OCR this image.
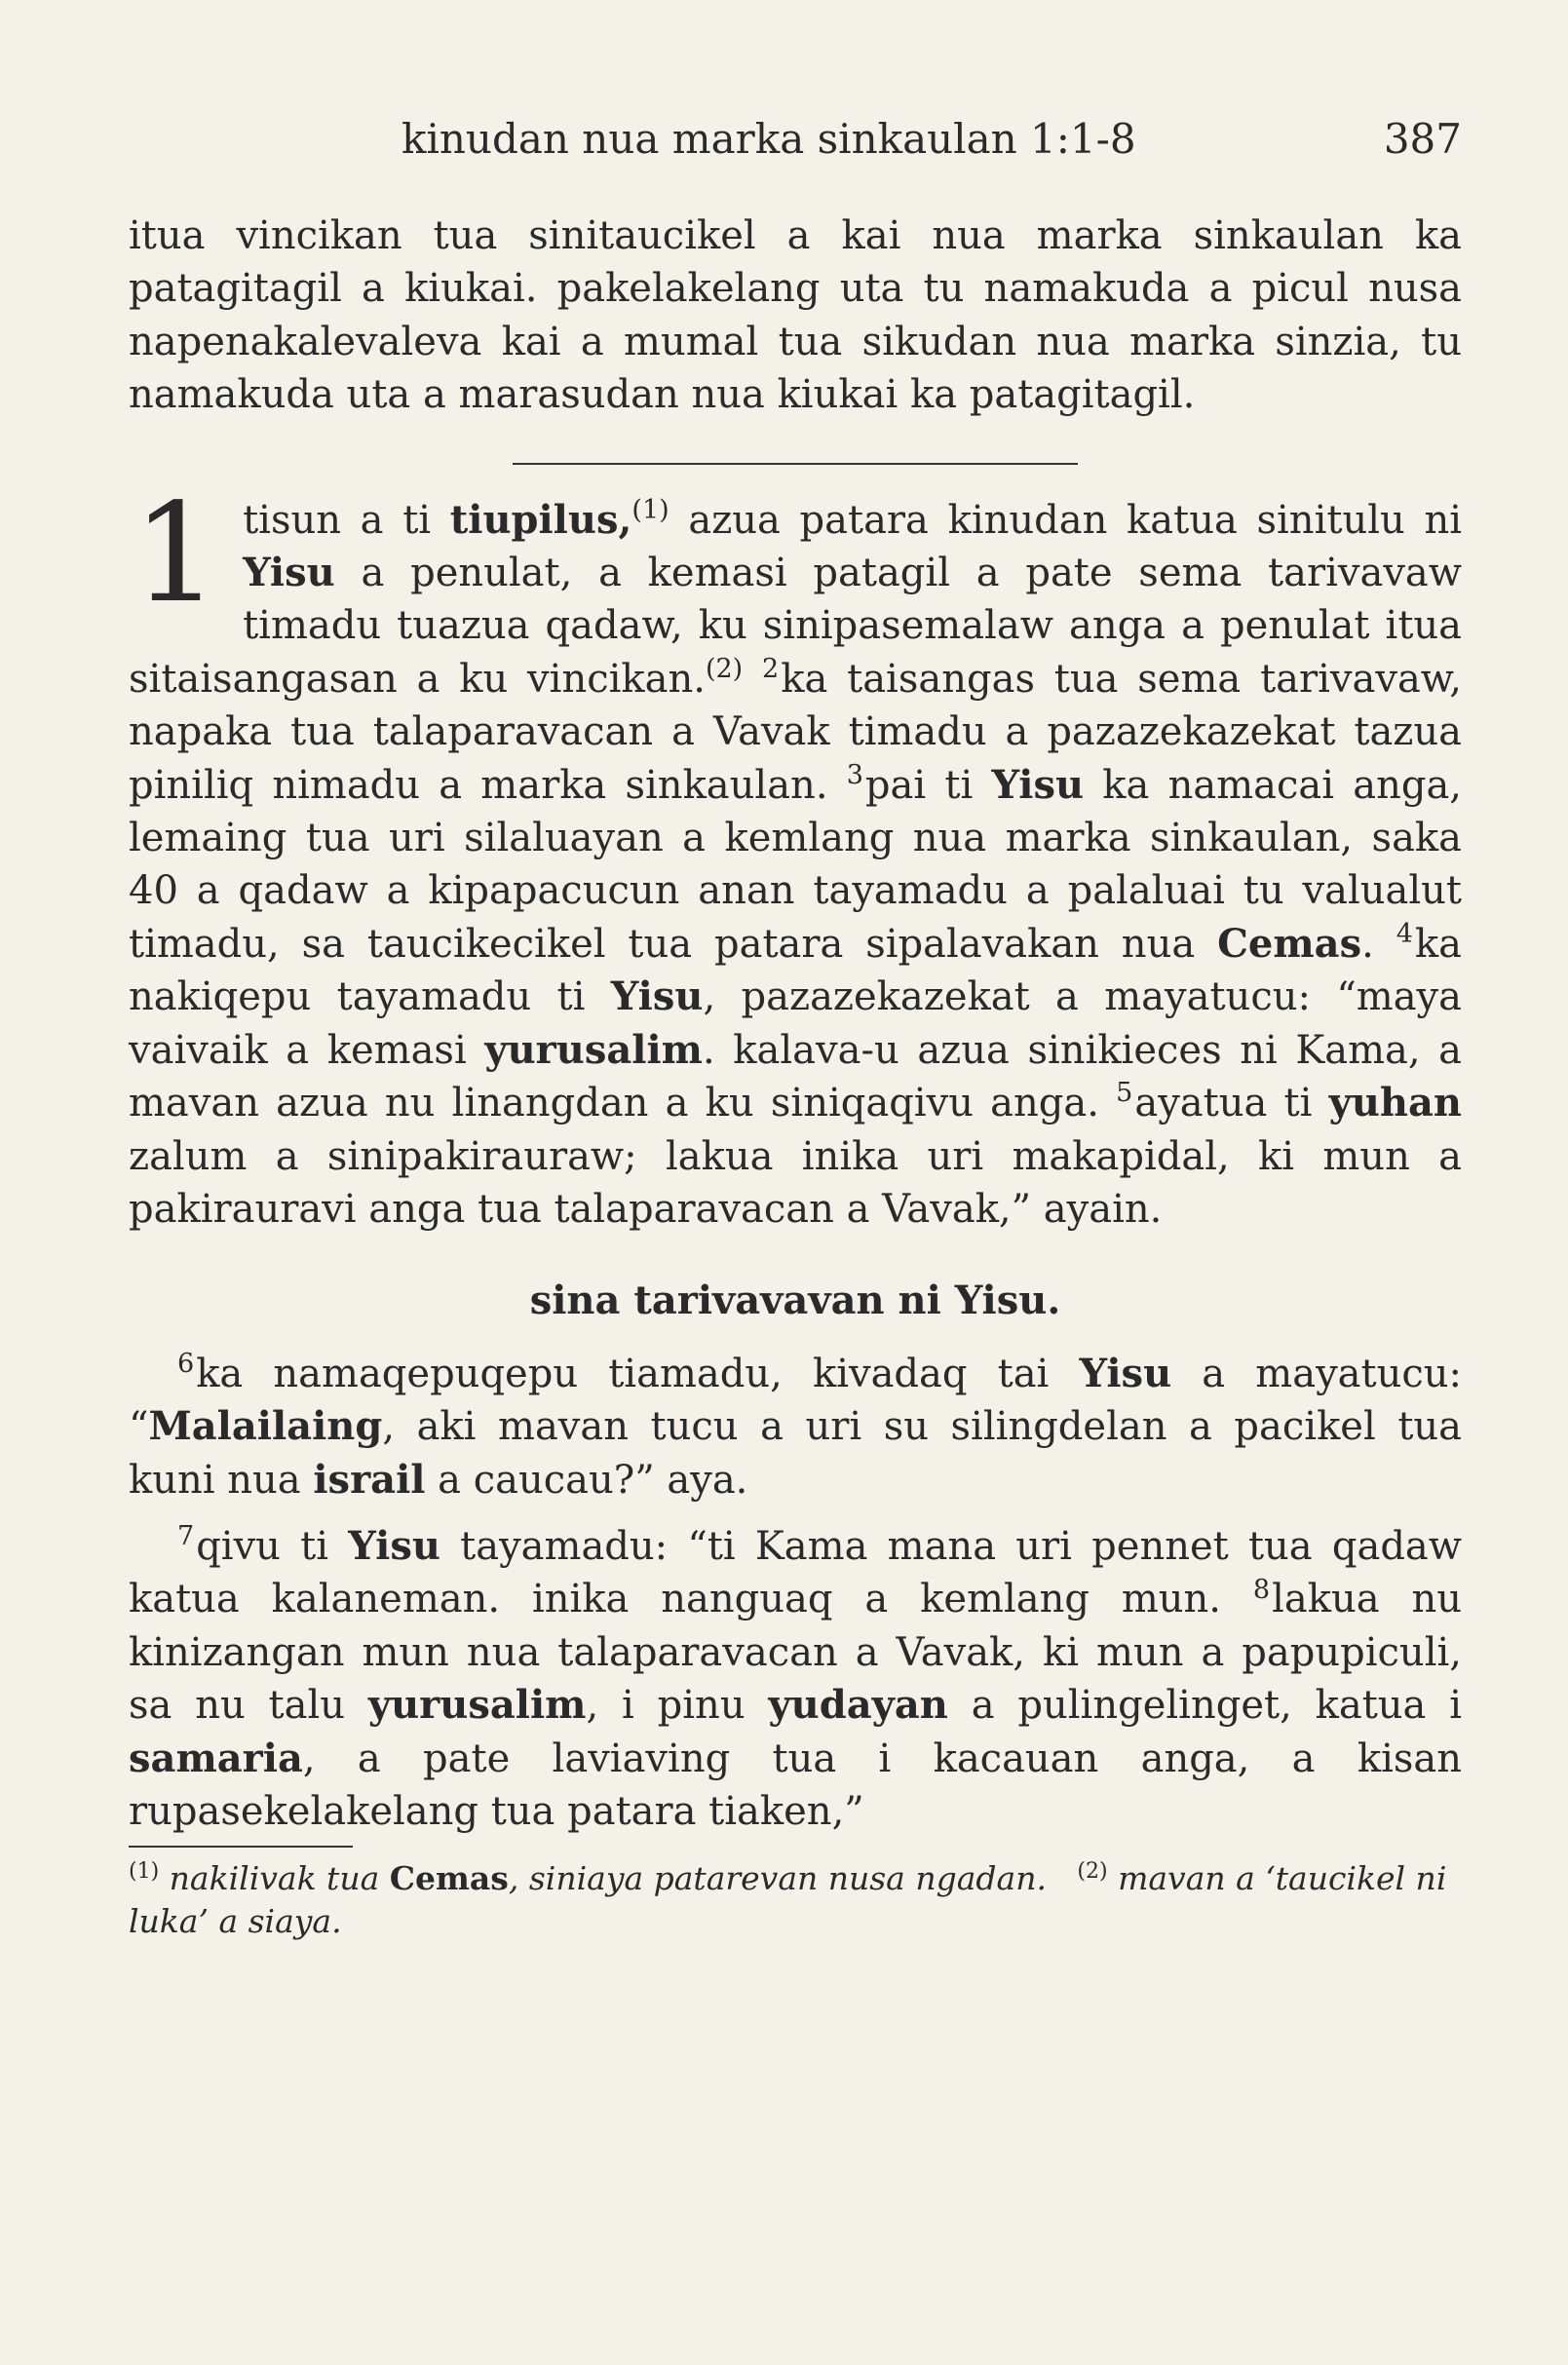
kinudan nua marka sinkaulan 1:1-8	387

itua vincikan tua sinitaucikel a kai nua marka sinkaulan ka patagitagil a kiukai. pakelakelang uta tu namakuda a picul nusa napenakalevaleva kai a mumal tua sikudan nua marka sinzia, tu namakuda uta a marasudan nua kiukai ka patagitagil.

1 tisun a ti tiupilus,$^{(1)}$ azua patara kinudan katua sinitulu ni Yisu a penulat, a kemasi patagil a pate sema tarivavaw timadu tuazua qadaw, ku sinipasemalaw anga a penulat itua sitaisangasan a ku vincikan.$^{(2)}$ $^2$ka taisangas tua sema tarivavaw, napaka tua talaparavacan a Vavak timadu a pazazekazekat tazua piniliq nimadu a marka sinkaulan. $^3$pai ti Yisu ka namacai anga, lemaing tua uri silaluayan a kemlang nua marka sinkaulan, saka 40 a qadaw a kipapacucun anan tayamadu a palaluai tu valualut timadu, sa taucikecikel tua patara sipalavakan nua Cemas. $^4$ka nakiqepu tayamadu ti Yisu, pazazekazekat a mayatucu: “maya vaivaik a kemasi yurusalim. kalava-u azua sinikieces ni Kama, a mavan azua nu linangdan a ku siniqaqivu anga. $^5$ayatua ti yuhan zalum a sinipakirauraw; lakua inika uri makapidal, ki mun a pakirauravi anga tua talaparavacan a Vavak,” ayain.

sina tarivavavan ni Yisu.

$^6$ka namaqepuqepu tiamadu, kivadaq tai Yisu a mayatucu: “Malailaing, aki mavan tucu a uri su silingdelan a pacikel tua kuni nua israil a caucau?” aya.

$^7$qivu ti Yisu tayamadu: “ti Kama mana uri pennet tua qadaw katua kalaneman. inika nanguaq a kemlang mun. $^8$lakua nu kinizangan mun nua talaparavacan a Vavak, ki mun a papupiculi, sa nu talu yurusalim, i pinu yudayan a pulingelinget, katua i samaria, a pate laviaving tua i kacauan anga, a kisan rupasekelakelang tua patara tiaken,”

$^{(1)}$ nakilivak tua Cemas, siniaya patarevan nusa ngadan. $^{(2)}$ mavan a ‘taucikel ni luka’ a siaya.
